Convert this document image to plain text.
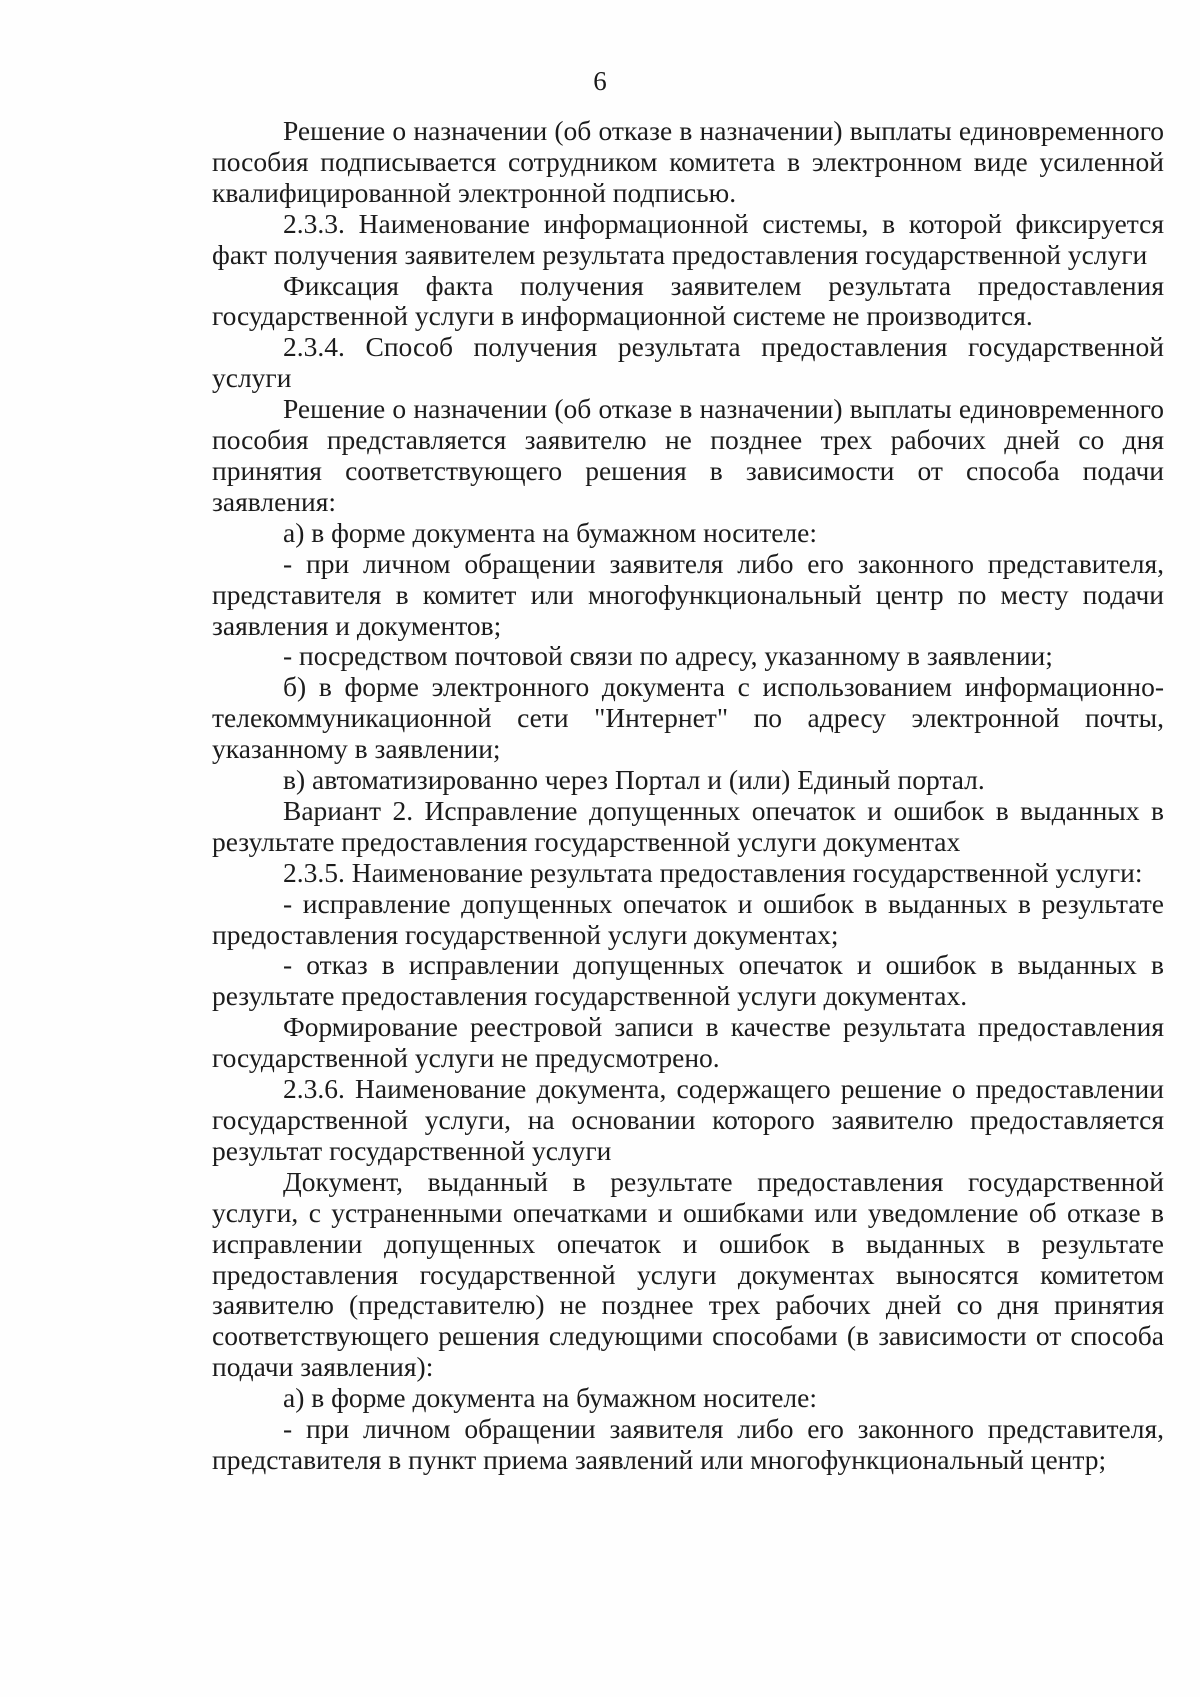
6

Решение о назначении (об отказе в назначении) выплаты единовременного пособия подписывается сотрудником комитета в электронном виде усиленной квалифицированной электронной подписью.

2.3.3. Наименование информационной системы, в которой фиксируется факт получения заявителем результата предоставления государственной услуги

Фиксация факта получения заявителем результата предоставления государственной услуги в информационной системе не производится.

2.3.4. Способ получения результата предоставления государственной услуги

Решение о назначении (об отказе в назначении) выплаты единовременного пособия представляется заявителю не позднее трех рабочих дней со дня принятия соответствующего решения в зависимости от способа подачи заявления:

а) в форме документа на бумажном носителе:

- при личном обращении заявителя либо его законного представителя, представителя в комитет или многофункциональный центр по месту подачи заявления и документов;

- посредством почтовой связи по адресу, указанному в заявлении;

б) в форме электронного документа с использованием информационно-телекоммуникационной сети "Интернет" по адресу электронной почты, указанному в заявлении;

в) автоматизированно через Портал и (или) Единый портал.

Вариант 2. Исправление допущенных опечаток и ошибок в выданных в результате предоставления государственной услуги документах

2.3.5. Наименование результата предоставления государственной услуги:

- исправление допущенных опечаток и ошибок в выданных в результате предоставления государственной услуги документах;

- отказ в исправлении допущенных опечаток и ошибок в выданных в результате предоставления государственной услуги документах.

Формирование реестровой записи в качестве результата предоставления государственной услуги не предусмотрено.

2.3.6. Наименование документа, содержащего решение о предоставлении государственной услуги, на основании которого заявителю предоставляется результат государственной услуги

Документ, выданный в результате предоставления государственной услуги, с устраненными опечатками и ошибками или уведомление об отказе в исправлении допущенных опечаток и ошибок в выданных в результате предоставления государственной услуги документах выносятся комитетом заявителю (представителю) не позднее трех рабочих дней со дня принятия соответствующего решения следующими способами (в зависимости от способа подачи заявления):

а) в форме документа на бумажном носителе:

- при личном обращении заявителя либо его законного представителя, представителя в пункт приема заявлений или многофункциональный центр;
